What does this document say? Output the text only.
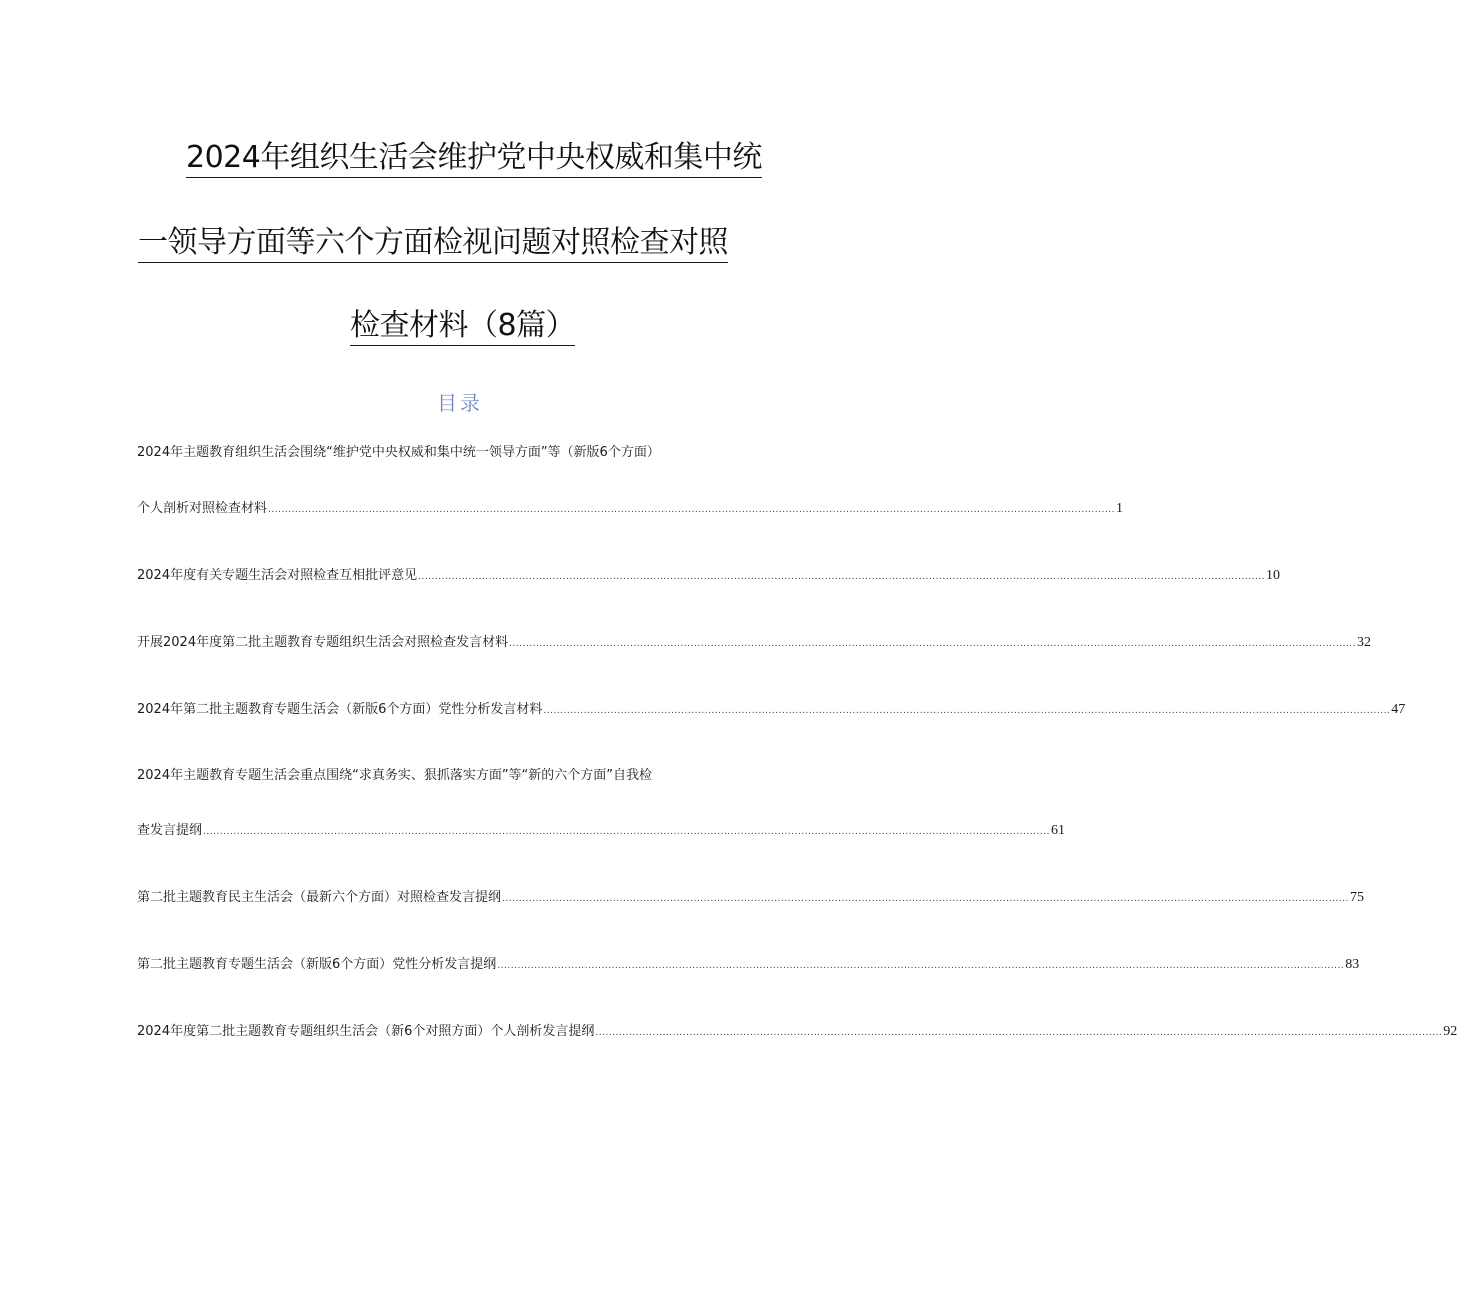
2024年组织生活会维护党中央权威和集中统
一领导方面等六个方面检视问题对照检查对照
检查材料（8篇）
目录
2024年主题教育组织生活会围绕“维护党中央权威和集中统一领导方面”等（新版6个方面）
个人剖析对照检查材料 ............................................................................................................................................................................................................................................................ 1
2024年度有关专题生活会对照检查互相批评意见 ............................................................................................................................................................................................................................................................ 10
开展2024年度第二批主题教育专题组织生活会对照检查发言材料 ............................................................................................................................................................................................................................................................ 32
2024年第二批主题教育专题生活会（新版6个方面）党性分析发言材料 ............................................................................................................................................................................................................................................................ 47
2024年主题教育专题生活会重点围绕“求真务实、狠抓落实方面”等“新的六个方面”自我检
查发言提纲 ............................................................................................................................................................................................................................................................ 61
第二批主题教育民主生活会（最新六个方面）对照检查发言提纲 ............................................................................................................................................................................................................................................................ 75
第二批主题教育专题生活会（新版6个方面）党性分析发言提纲 ............................................................................................................................................................................................................................................................ 83
2024年度第二批主题教育专题组织生活会（新6个对照方面）个人剖析发言提纲 ............................................................................................................................................................................................................................................................ 92
